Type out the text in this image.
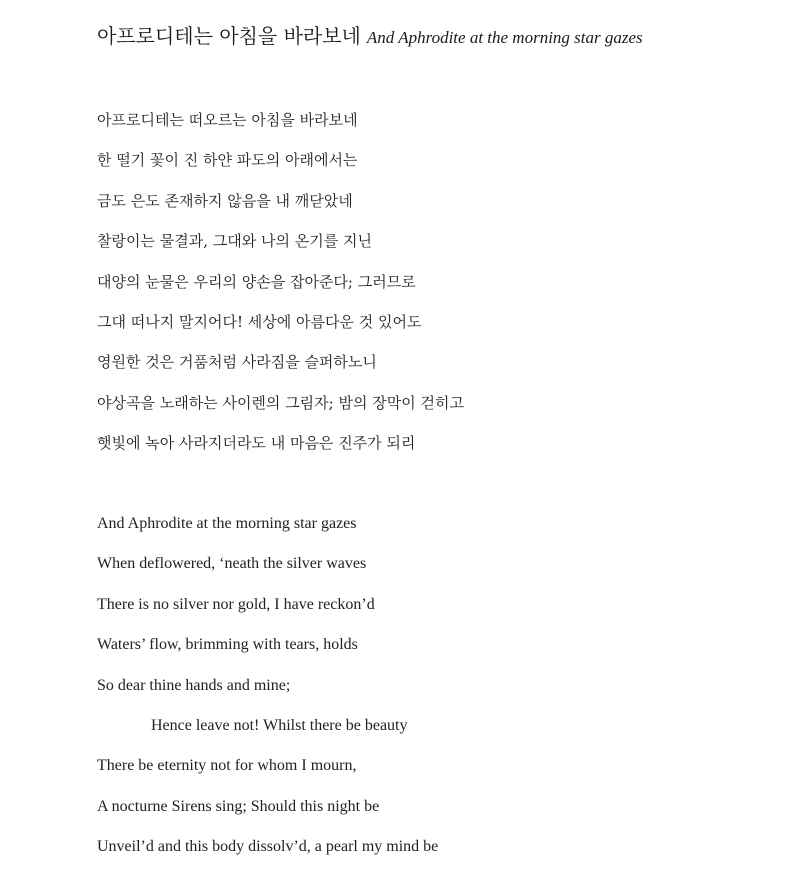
아프로디테는 아침을 바라보네 And Aphrodite at the morning star gazes
아프로디테는 떠오르는 아침을 바라보네
한 떨기 꽃이 진 하얀 파도의 아래에서는
금도 은도 존재하지 않음을 내 깨닫았네
찰랑이는 물결과, 그대와 나의 온기를 지닌
대양의 눈물은 우리의 양손을 잡아준다; 그러므로
그대 떠나지 말지어다! 세상에 아름다운 것 있어도
영원한 것은 거품처럼 사라짐을 슬퍼하노니
야상곡을 노래하는 사이렌의 그림자; 밤의 장막이 걷히고
햇빛에 녹아 사라지더라도 내 마음은 진주가 되리
And Aphrodite at the morning star gazes
When deflowered, ‘neath the silver waves
There is no silver nor gold, I have reckon’d
Waters’ flow, brimming with tears, holds
So dear thine hands and mine;
Hence leave not! Whilst there be beauty
There be eternity not for whom I mourn,
A nocturne Sirens sing; Should this night be
Unveil’d and this body dissolv’d, a pearl my mind be
